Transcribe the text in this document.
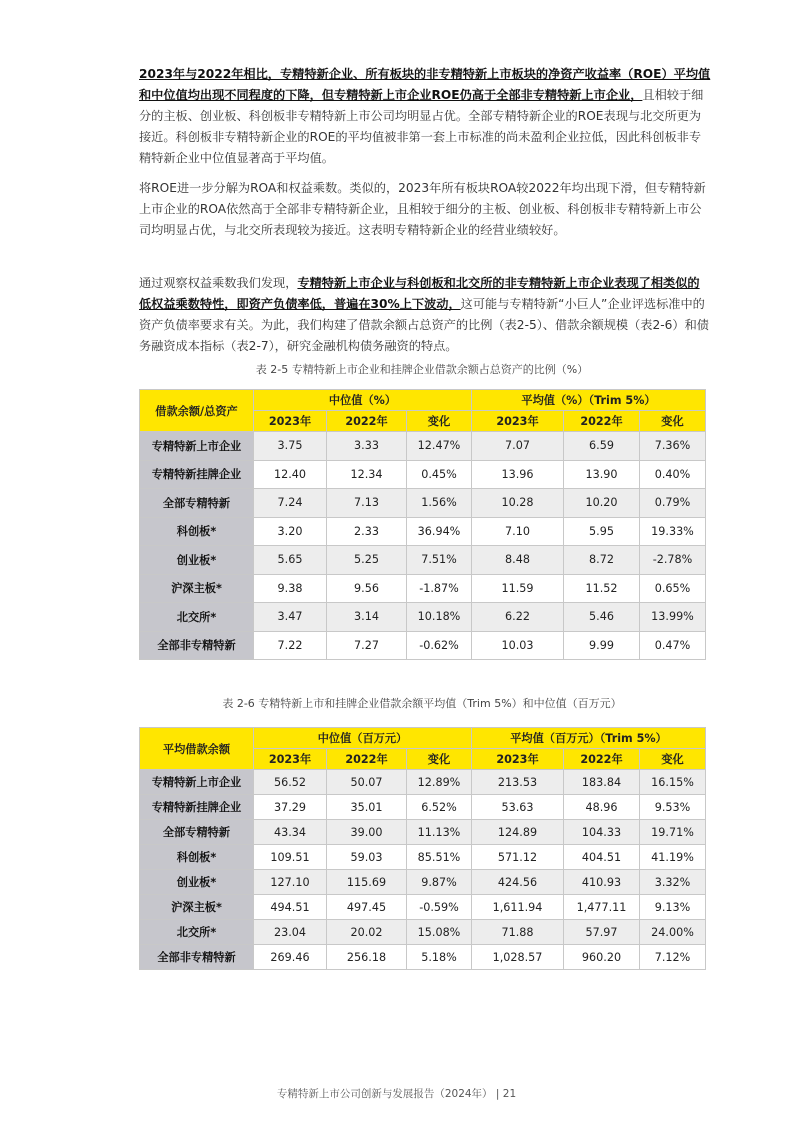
2023年与2022年相比，专精特新企业、所有板块的非专精特新上市板块的净资产收益率（ROE）平均值和中位值均出现不同程度的下降，但专精特新上市企业ROE仍高于全部非专精特新上市企业，且相较于细分的主板、创业板、科创板非专精特新上市公司均明显占优。全部专精特新企业的ROE表现与北交所更为接近。科创板非专精特新企业的ROE的平均值被非第一套上市标准的尚未盈利企业拉低，因此科创板非专精特新企业中位值显著高于平均值。

将ROE进一步分解为ROA和权益乘数。类似的，2023年所有板块ROA较2022年均出现下滑，但专精特新上市企业的ROA依然高于全部非专精特新企业，且相较于细分的主板、创业板、科创板非专精特新上市公司均明显占优，与北交所表现较为接近。这表明专精特新企业的经营业绩较好。

通过观察权益乘数我们发现，专精特新上市企业与科创板和北交所的非专精特新上市企业表现了相类似的低权益乘数特性，即资产负债率低，普遍在30%上下波动，这可能与专精特新“小巨人”企业评选标准中的资产负债率要求有关。为此，我们构建了借款余额占总资产的比例（表2-5）、借款余额规模（表2-6）和债务融资成本指标（表2-7），研究金融机构债务融资的特点。

表 2-5 专精特新上市企业和挂牌企业借款余额占总资产的比例（%）
借款余额/总资产	中位值（%）			平均值（%）（Trim 5%）		
	2023年	2022年	变化	2023年	2022年	变化
专精特新上市企业	3.75	3.33	12.47%	7.07	6.59	7.36%
专精特新挂牌企业	12.40	12.34	0.45%	13.96	13.90	0.40%
全部专精特新	7.24	7.13	1.56%	10.28	10.20	0.79%
科创板*	3.20	2.33	36.94%	7.10	5.95	19.33%
创业板*	5.65	5.25	7.51%	8.48	8.72	-2.78%
沪深主板*	9.38	9.56	-1.87%	11.59	11.52	0.65%
北交所*	3.47	3.14	10.18%	6.22	5.46	13.99%
全部非专精特新	7.22	7.27	-0.62%	10.03	9.99	0.47%
表 2-6 专精特新上市和挂牌企业借款余额平均值（Trim 5%）和中位值（百万元）
平均借款余额	中位值（百万元）			平均值（百万元）（Trim 5%）		
	2023年	2022年	变化	2023年	2022年	变化
专精特新上市企业	56.52	50.07	12.89%	213.53	183.84	16.15%
专精特新挂牌企业	37.29	35.01	6.52%	53.63	48.96	9.53%
全部专精特新	43.34	39.00	11.13%	124.89	104.33	19.71%
科创板*	109.51	59.03	85.51%	571.12	404.51	41.19%
创业板*	127.10	115.69	9.87%	424.56	410.93	3.32%
沪深主板*	494.51	497.45	-0.59%	1,611.94	1,477.11	9.13%
北交所*	23.04	20.02	15.08%	71.88	57.97	24.00%
全部非专精特新	269.46	256.18	5.18%	1,028.57	960.20	7.12%
专精特新上市公司创新与发展报告（2024年） | 21
